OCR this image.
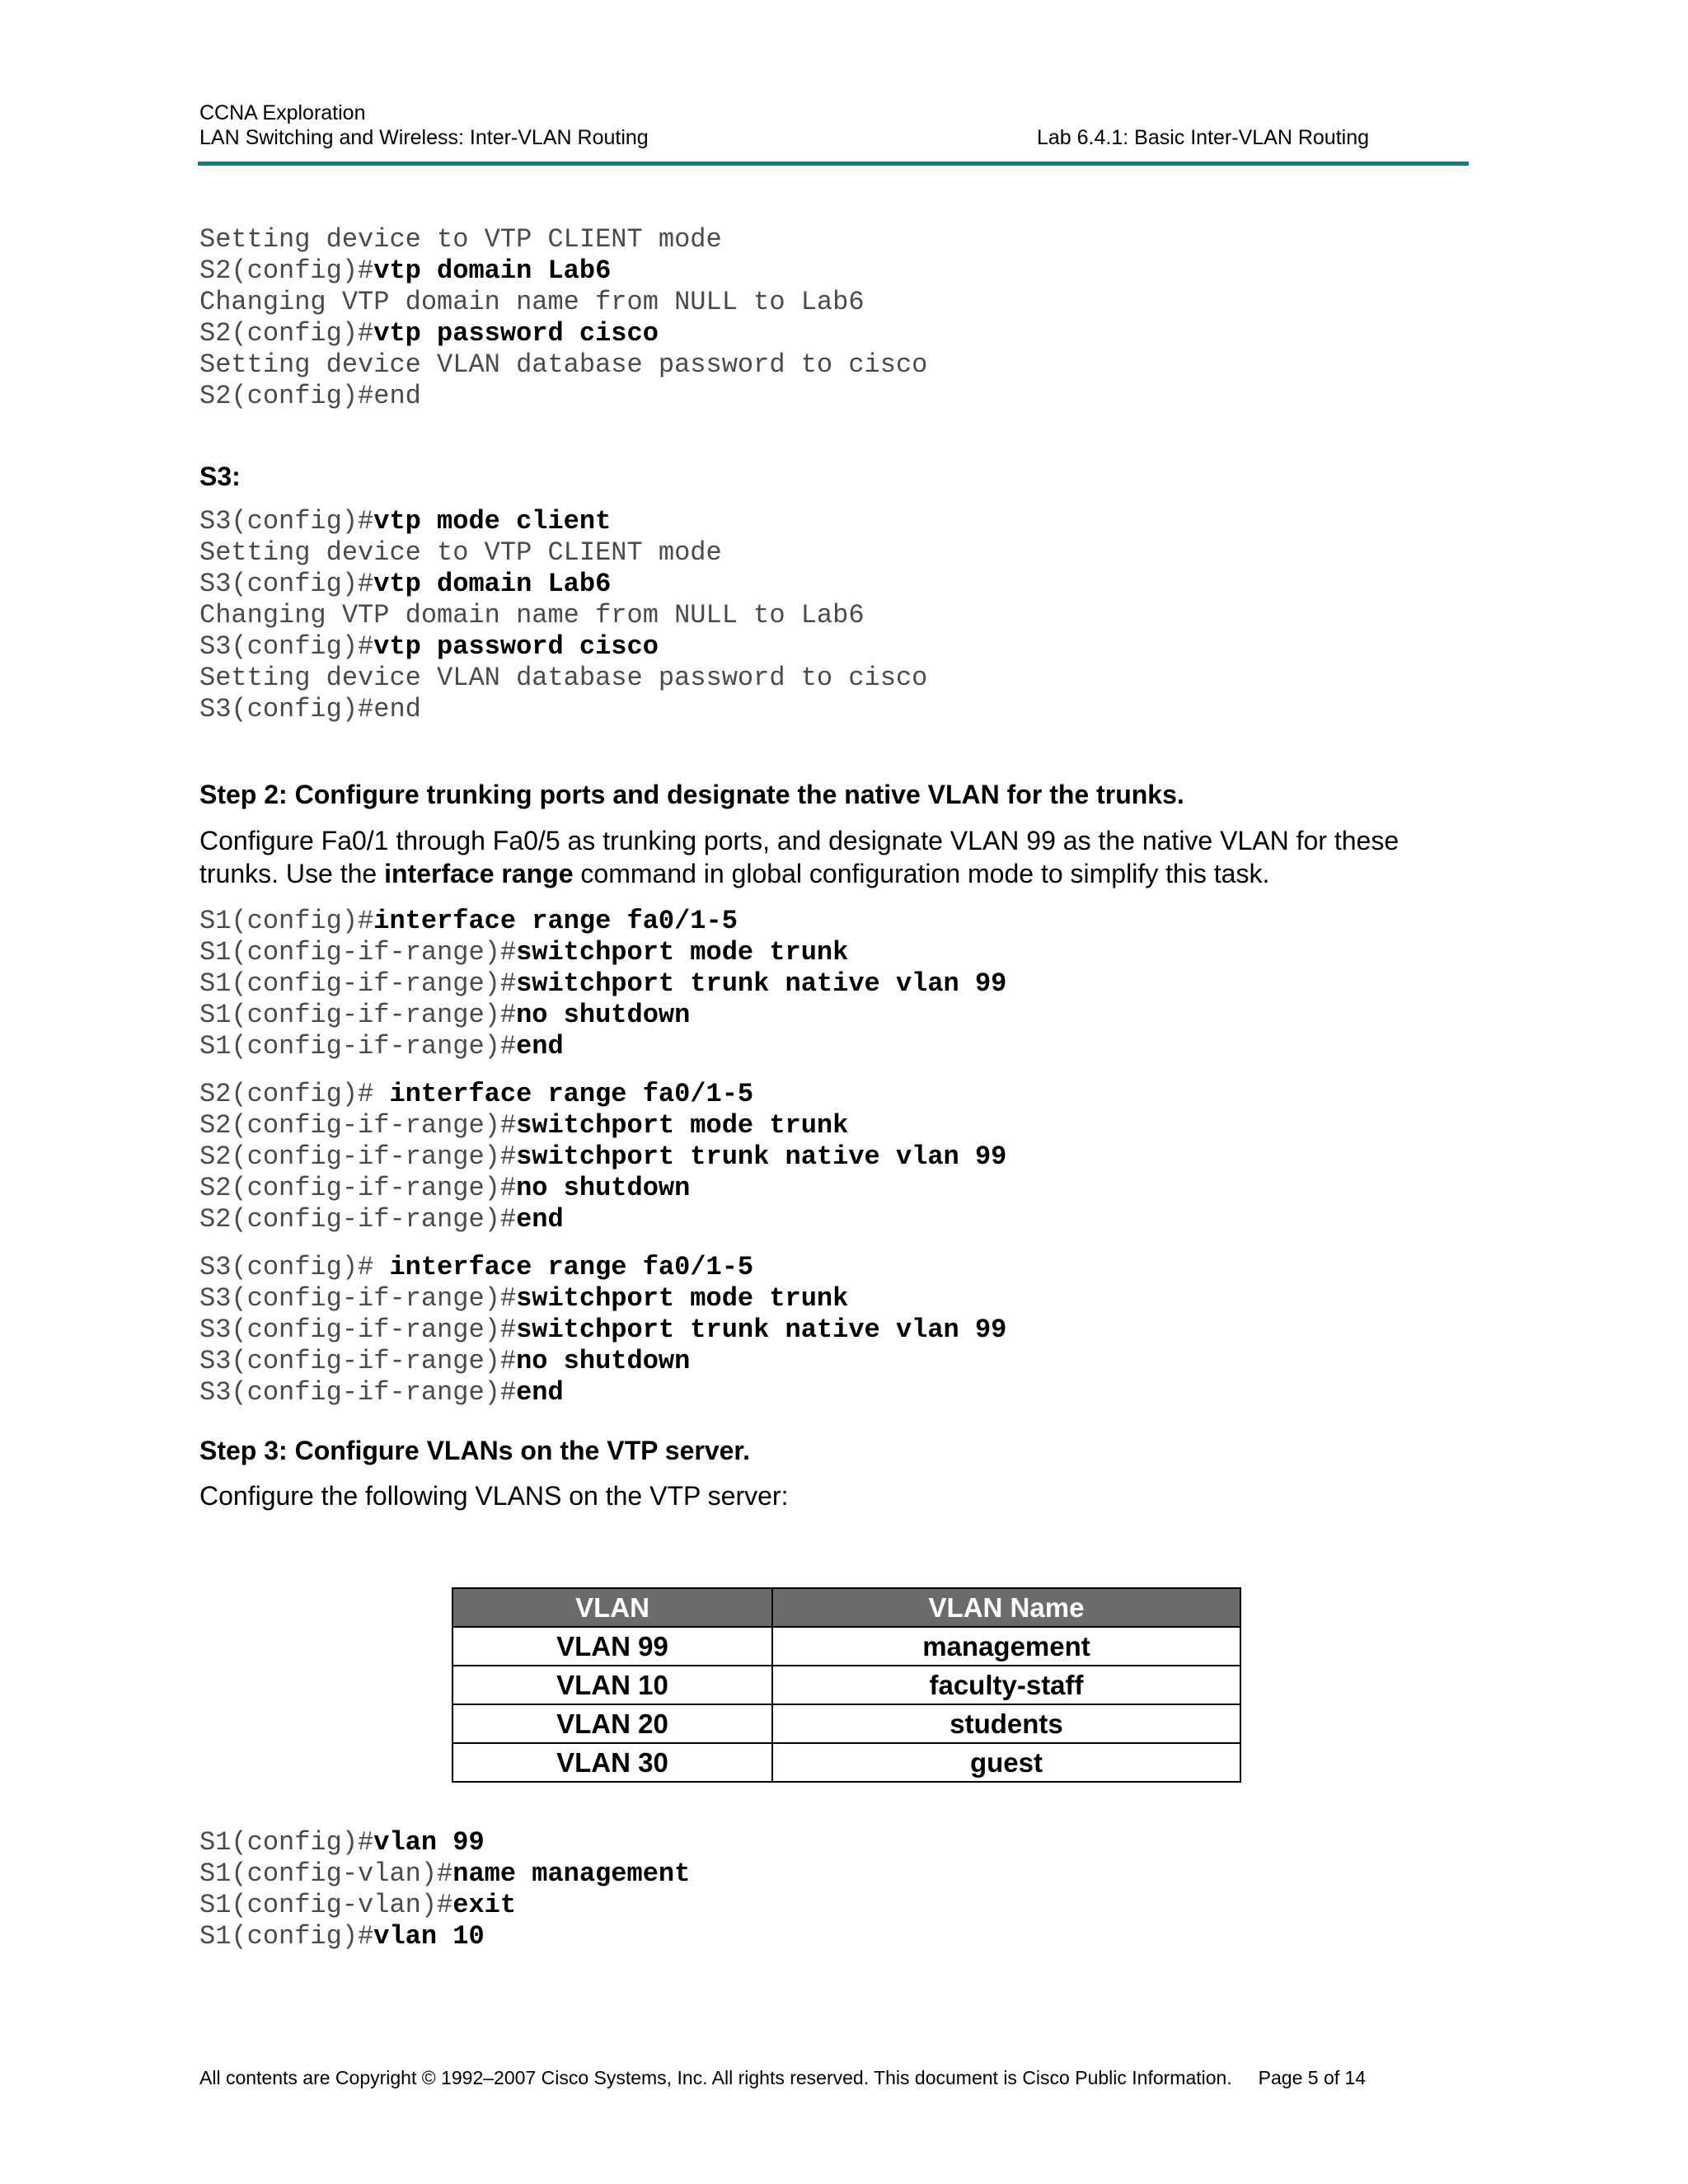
CCNA Exploration
LAN Switching and Wireless: Inter-VLAN Routing	Lab 6.4.1: Basic Inter-VLAN Routing
Setting device to VTP CLIENT mode
S2(config)#vtp domain Lab6
Changing VTP domain name from NULL to Lab6
S2(config)#vtp password cisco
Setting device VLAN database password to cisco
S2(config)#end
S3:
S3(config)#vtp mode client
Setting device to VTP CLIENT mode
S3(config)#vtp domain Lab6
Changing VTP domain name from NULL to Lab6
S3(config)#vtp password cisco
Setting device VLAN database password to cisco
S3(config)#end
Step 2: Configure trunking ports and designate the native VLAN for the trunks.
Configure Fa0/1 through Fa0/5 as trunking ports, and designate VLAN 99 as the native VLAN for these trunks. Use the interface range command in global configuration mode to simplify this task.
S1(config)#interface range fa0/1-5
S1(config-if-range)#switchport mode trunk
S1(config-if-range)#switchport trunk native vlan 99
S1(config-if-range)#no shutdown
S1(config-if-range)#end
S2(config)# interface range fa0/1-5
S2(config-if-range)#switchport mode trunk
S2(config-if-range)#switchport trunk native vlan 99
S2(config-if-range)#no shutdown
S2(config-if-range)#end
S3(config)# interface range fa0/1-5
S3(config-if-range)#switchport mode trunk
S3(config-if-range)#switchport trunk native vlan 99
S3(config-if-range)#no shutdown
S3(config-if-range)#end
Step 3: Configure VLANs on the VTP server.
Configure the following VLANS on the VTP server:
VLAN	VLAN Name
VLAN 99	management
VLAN 10	faculty-staff
VLAN 20	students
VLAN 30	guest
S1(config)#vlan 99
S1(config-vlan)#name management
S1(config-vlan)#exit
S1(config)#vlan 10
All contents are Copyright © 1992–2007 Cisco Systems, Inc. All rights reserved. This document is Cisco Public Information. Page 5 of 14
